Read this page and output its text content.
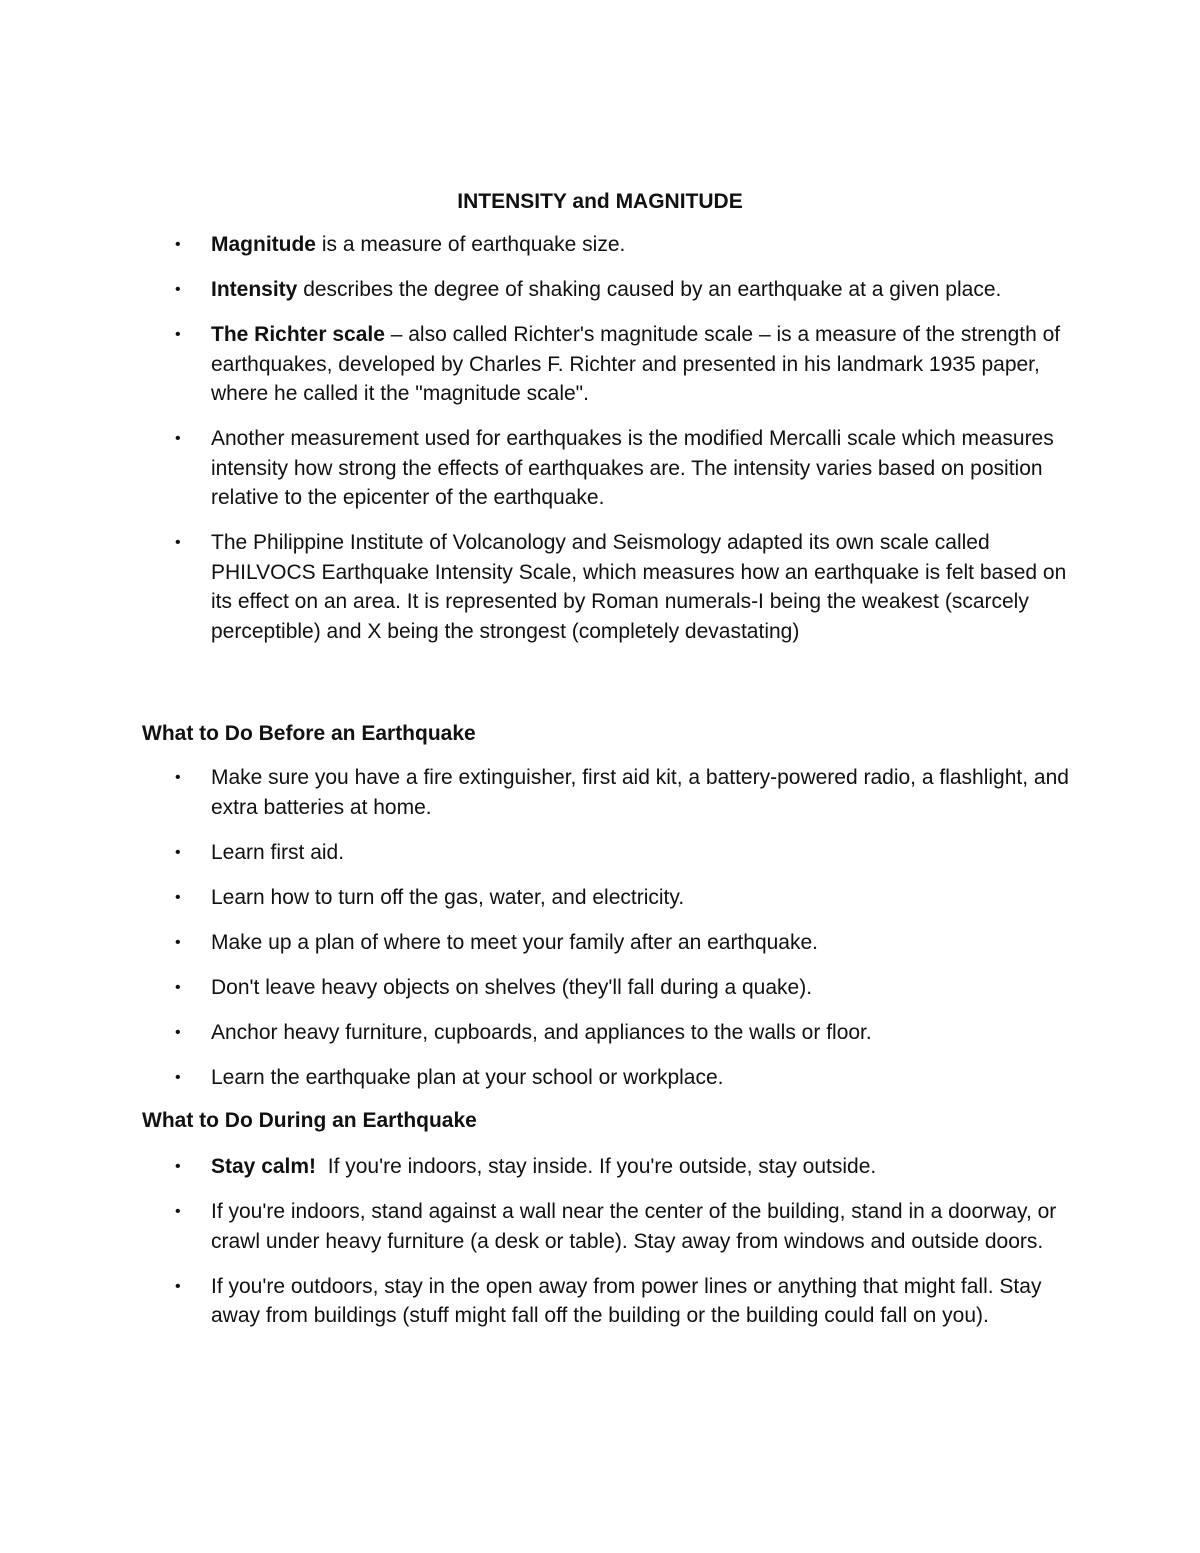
INTENSITY and MAGNITUDE
• Magnitude is a measure of earthquake size.
• Intensity describes the degree of shaking caused by an earthquake at a given place.
• The Richter scale – also called Richter's magnitude scale – is a measure of the strength of earthquakes, developed by Charles F. Richter and presented in his landmark 1935 paper, where he called it the "magnitude scale".
• Another measurement used for earthquakes is the modified Mercalli scale which measures intensity how strong the effects of earthquakes are. The intensity varies based on position relative to the epicenter of the earthquake.
• The Philippine Institute of Volcanology and Seismology adapted its own scale called PHILVOCS Earthquake Intensity Scale, which measures how an earthquake is felt based on its effect on an area. It is represented by Roman numerals-I being the weakest (scarcely perceptible) and X being the strongest (completely devastating)
What to Do Before an Earthquake
• Make sure you have a fire extinguisher, first aid kit, a battery-powered radio, a flashlight, and extra batteries at home.
• Learn first aid.
• Learn how to turn off the gas, water, and electricity.
• Make up a plan of where to meet your family after an earthquake.
• Don't leave heavy objects on shelves (they'll fall during a quake).
• Anchor heavy furniture, cupboards, and appliances to the walls or floor.
• Learn the earthquake plan at your school or workplace.
What to Do During an Earthquake
• Stay calm!  If you're indoors, stay inside. If you're outside, stay outside.
• If you're indoors, stand against a wall near the center of the building, stand in a doorway, or crawl under heavy furniture (a desk or table). Stay away from windows and outside doors.
• If you're outdoors, stay in the open away from power lines or anything that might fall. Stay away from buildings (stuff might fall off the building or the building could fall on you).
